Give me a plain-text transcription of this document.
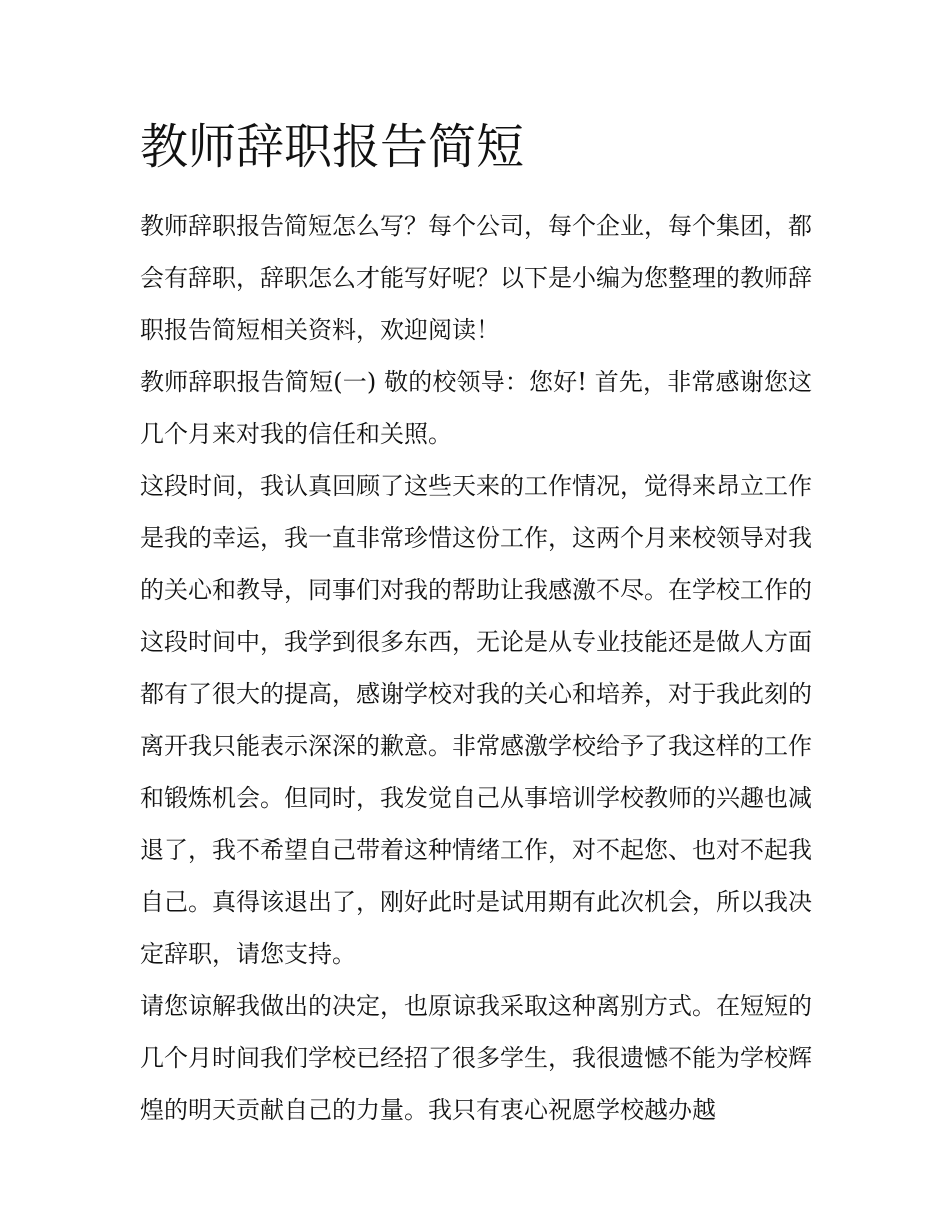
教师辞职报告简短

教师辞职报告简短怎么写？每个公司，每个企业，每个集团，都会有辞职，辞职怎么才能写好呢？以下是小编为您整理的教师辞职报告简短相关资料，欢迎阅读！

教师辞职报告简短(一) 敬的校领导：您好! 首先，非常感谢您这几个月来对我的信任和关照。

这段时间，我认真回顾了这些天来的工作情况，觉得来昂立工作是我的幸运，我一直非常珍惜这份工作，这两个月来校领导对我的关心和教导，同事们对我的帮助让我感激不尽。在学校工作的这段时间中，我学到很多东西，无论是从专业技能还是做人方面都有了很大的提高，感谢学校对我的关心和培养，对于我此刻的离开我只能表示深深的歉意。非常感激学校给予了我这样的工作和锻炼机会。但同时，我发觉自己从事培训学校教师的兴趣也减退了，我不希望自己带着这种情绪工作，对不起您、也对不起我自己。真得该退出了，刚好此时是试用期有此次机会，所以我决定辞职，请您支持。

请您谅解我做出的决定，也原谅我采取这种离别方式。在短短的几个月时间我们学校已经招了很多学生，我很遗憾不能为学校辉煌的明天贡献自己的力量。我只有衷心祝愿学校越办越
